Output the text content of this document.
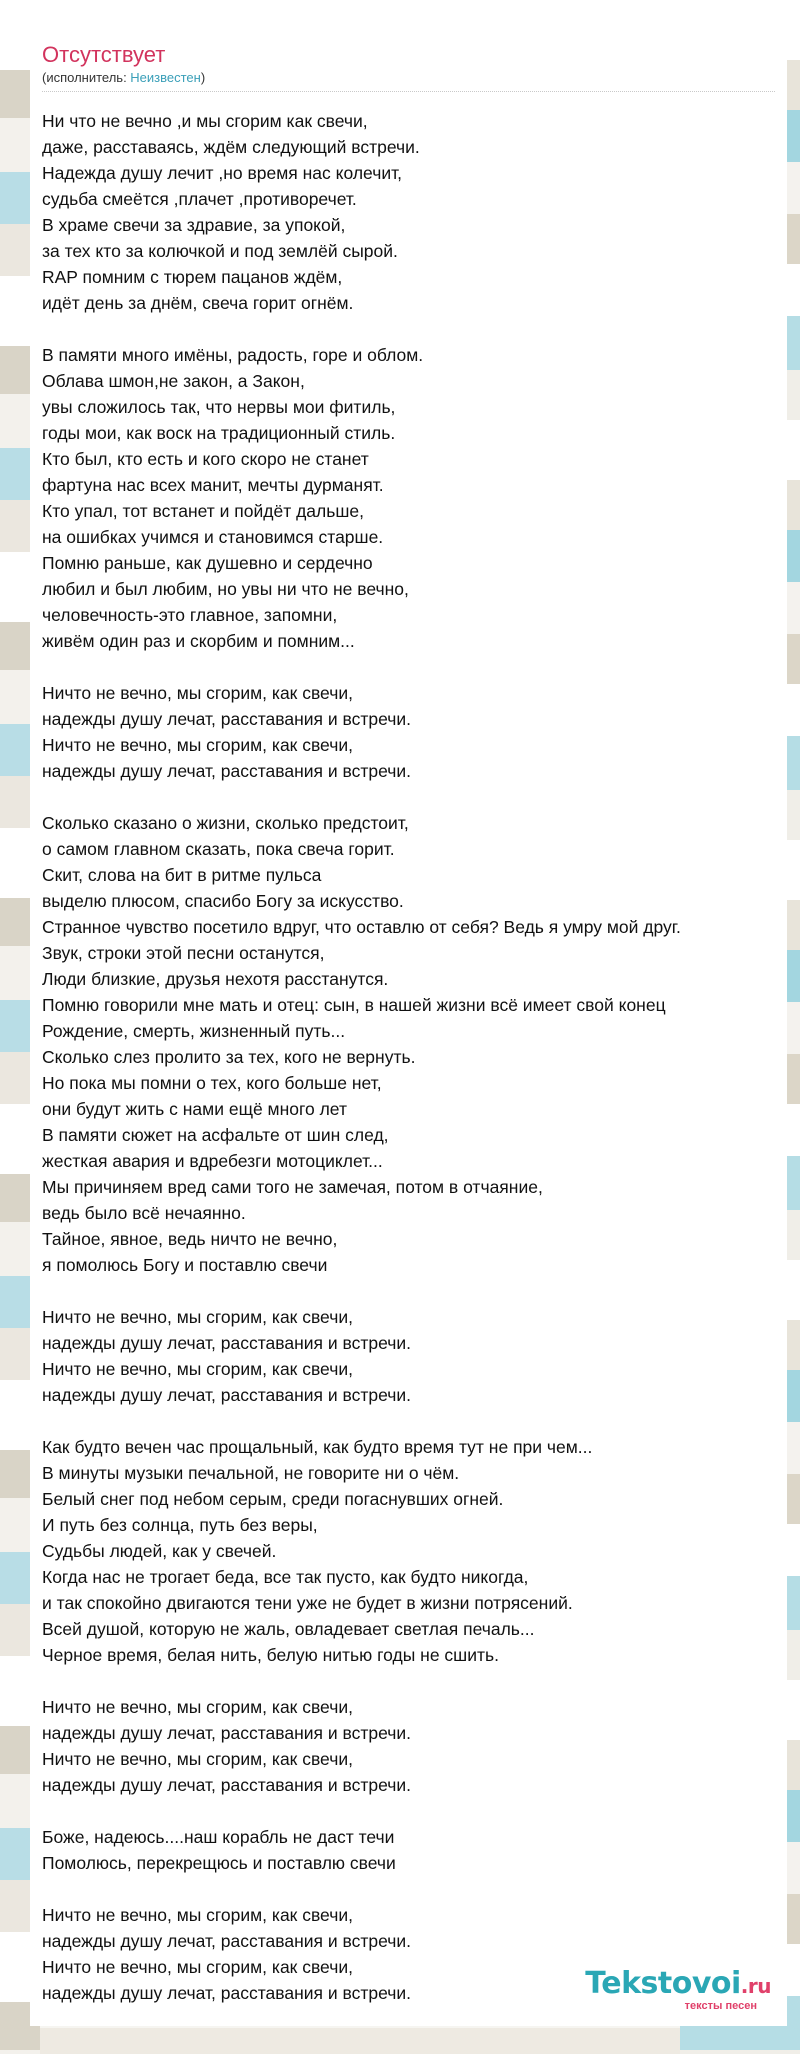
Отсутствует
(исполнитель: Неизвестен)
Ни что не вечно ,и мы сгорим как свечи,
даже, расставаясь, ждём следующий встречи.
Надежда душу лечит ,но время нас колечит,
судьба смеётся ,плачет ,противоречет.
В храме свечи за здравие, за упокой,
за тех кто за колючкой и под землёй сырой.
RAP помним с тюрем пацанов ждём,
идёт день за днём, свеча горит огнём.
В памяти много имёны, радость, горе и облом.
Облава шмон,не закон, а Закон,
увы сложилось так, что нервы мои фитиль,
годы мои, как воск на традиционный стиль.
Кто был, кто есть и кого скоро не станет
фартуна нас всех манит, мечты дурманят.
Кто упал, тот встанет и пойдёт дальше,
на ошибках учимся и становимся старше.
Помню раньше, как душевно и сердечно
любил и был любим, но увы ни что не вечно,
человечность-это главное, запомни,
живём один раз и скорбим и помним...
Ничто не вечно, мы сгорим, как свечи,
надежды душу лечат, расставания и встречи.
Ничто не вечно, мы сгорим, как свечи,
надежды душу лечат, расставания и встречи.
Сколько сказано о жизни, сколько предстоит,
о самом главном сказать, пока свеча горит.
Скит, слова на бит в ритме пульса
выделю плюсом, спасибо Богу за искусство.
Странное чувство посетило вдруг, что оставлю от себя? Ведь я умру мой друг.
Звук, строки этой песни останутся,
Люди близкие, друзья нехотя расстанутся.
Помню говорили мне мать и отец: сын, в нашей жизни всё имеет свой конец
Рождение, смерть, жизненный путь...
Сколько слез пролито за тех, кого не вернуть.
Но пока мы помни о тех, кого больше нет,
они будут жить с нами ещё много лет
В памяти сюжет на асфальте от шин след,
жесткая авария и вдребезги мотоциклет...
Мы причиняем вред сами того не замечая, потом в отчаяние,
ведь было всё нечаянно.
Тайное, явное, ведь ничто не вечно,
я помолюсь Богу и поставлю свечи
Ничто не вечно, мы сгорим, как свечи,
надежды душу лечат, расставания и встречи.
Ничто не вечно, мы сгорим, как свечи,
надежды душу лечат, расставания и встречи.
Как будто вечен час прощальный, как будто время тут не при чем...
В минуты музыки печальной, не говорите ни о чём.
Белый снег под небом серым, среди погаснувших огней.
И путь без солнца, путь без веры,
Судьбы людей, как у свечей.
Когда нас не трогает беда, все так пусто, как будто никогда,
и так спокойно двигаются тени уже не будет в жизни потрясений.
Всей душой, которую не жаль, овладевает светлая печаль...
Черное время, белая нить, белую нитью годы не сшить.
Ничто не вечно, мы сгорим, как свечи,
надежды душу лечат, расставания и встречи.
Ничто не вечно, мы сгорим, как свечи,
надежды душу лечат, расставания и встречи.
Боже, надеюсь....наш корабль не даст течи
Помолюсь, перекрещюсь и поставлю свечи
Ничто не вечно, мы сгорим, как свечи,
надежды душу лечат, расставания и встречи.
Ничто не вечно, мы сгорим, как свечи,
надежды душу лечат, расставания и встречи.	Tekstovoi.ru
тексты песен
